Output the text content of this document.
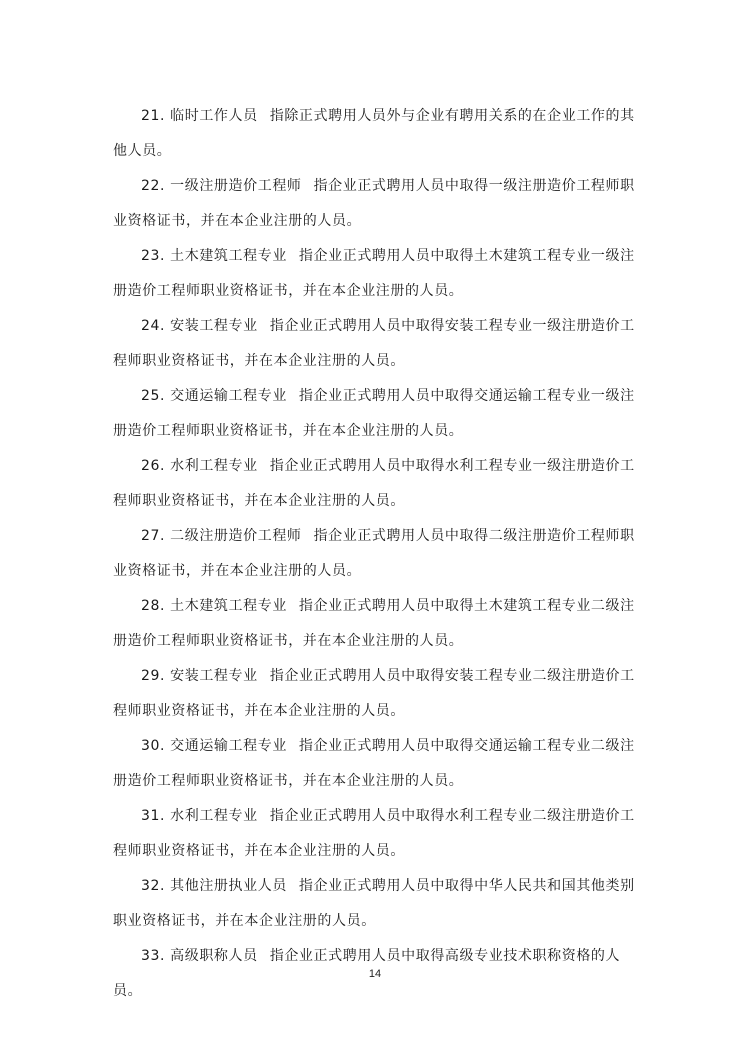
21. 临时工作人员 指除正式聘用人员外与企业有聘用关系的在企业工作的其他人员。

22. 一级注册造价工程师 指企业正式聘用人员中取得一级注册造价工程师职业资格证书，并在本企业注册的人员。

23. 土木建筑工程专业 指企业正式聘用人员中取得土木建筑工程专业一级注册造价工程师职业资格证书，并在本企业注册的人员。

24. 安装工程专业 指企业正式聘用人员中取得安装工程专业一级注册造价工程师职业资格证书，并在本企业注册的人员。

25. 交通运输工程专业 指企业正式聘用人员中取得交通运输工程专业一级注册造价工程师职业资格证书，并在本企业注册的人员。

26. 水利工程专业 指企业正式聘用人员中取得水利工程专业一级注册造价工程师职业资格证书，并在本企业注册的人员。

27. 二级注册造价工程师 指企业正式聘用人员中取得二级注册造价工程师职业资格证书，并在本企业注册的人员。

28. 土木建筑工程专业 指企业正式聘用人员中取得土木建筑工程专业二级注册造价工程师职业资格证书，并在本企业注册的人员。

29. 安装工程专业 指企业正式聘用人员中取得安装工程专业二级注册造价工程师职业资格证书，并在本企业注册的人员。

30. 交通运输工程专业 指企业正式聘用人员中取得交通运输工程专业二级注册造价工程师职业资格证书，并在本企业注册的人员。

31. 水利工程专业 指企业正式聘用人员中取得水利工程专业二级注册造价工程师职业资格证书，并在本企业注册的人员。

32. 其他注册执业人员 指企业正式聘用人员中取得中华人民共和国其他类别职业资格证书，并在本企业注册的人员。

33. 高级职称人员 指企业正式聘用人员中取得高级专业技术职称资格的人员。

14
